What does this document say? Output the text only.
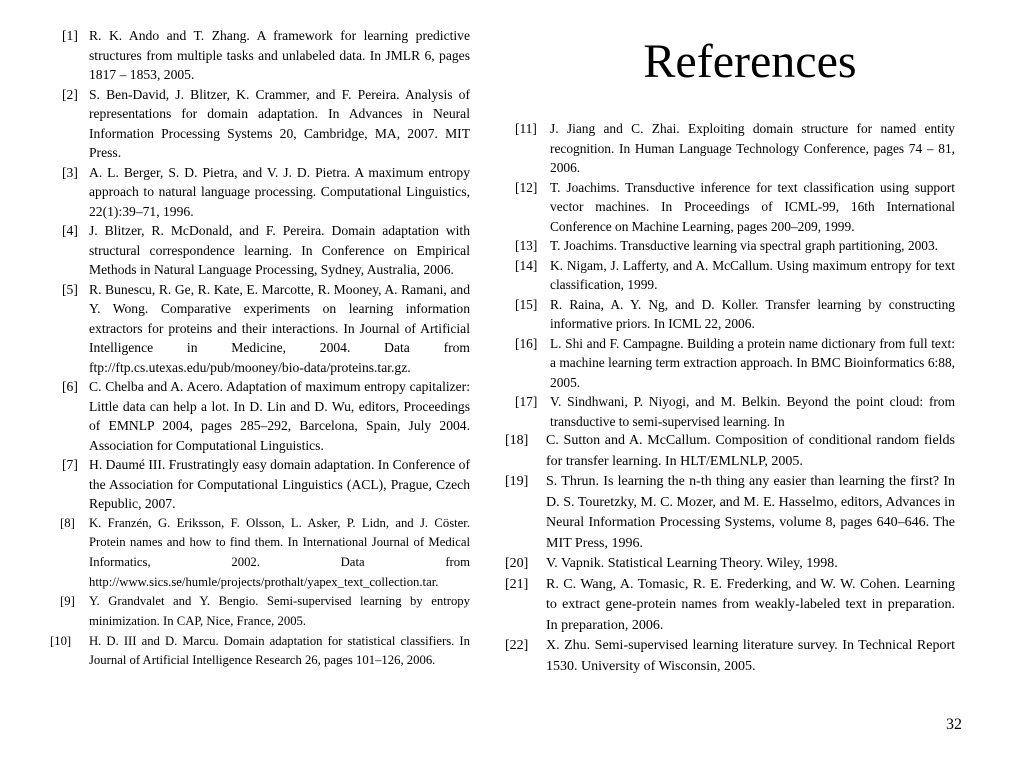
References
[1] R. K. Ando and T. Zhang. A framework for learning predictive structures from multiple tasks and unlabeled data. In JMLR 6, pages 1817 – 1853, 2005.
[2] S. Ben-David, J. Blitzer, K. Crammer, and F. Pereira. Analysis of representations for domain adaptation. In Advances in Neural Information Processing Systems 20, Cambridge, MA, 2007. MIT Press.
[3] A. L. Berger, S. D. Pietra, and V. J. D. Pietra. A maximum entropy approach to natural language processing. Computational Linguistics, 22(1):39–71, 1996.
[4] J. Blitzer, R. McDonald, and F. Pereira. Domain adaptation with structural correspondence learning. In Conference on Empirical Methods in Natural Language Processing, Sydney, Australia, 2006.
[5] R. Bunescu, R. Ge, R. Kate, E. Marcotte, R. Mooney, A. Ramani, and Y. Wong. Comparative experiments on learning information extractors for proteins and their interactions. In Journal of Artificial Intelligence in Medicine, 2004. Data from ftp://ftp.cs.utexas.edu/pub/mooney/bio-data/proteins.tar.gz.
[6] C. Chelba and A. Acero. Adaptation of maximum entropy capitalizer: Little data can help a lot. In D. Lin and D. Wu, editors, Proceedings of EMNLP 2004, pages 285–292, Barcelona, Spain, July 2004. Association for Computational Linguistics.
[7] H. Daumé III. Frustratingly easy domain adaptation. In Conference of the Association for Computational Linguistics (ACL), Prague, Czech Republic, 2007.
[8] K. Franzén, G. Eriksson, F. Olsson, L. Asker, P. Lidn, and J. Cöster. Protein names and how to find them. In International Journal of Medical Informatics, 2002. Data from http://www.sics.se/humle/projects/prothalt/yapex_text_collection.tar.
[9] Y. Grandvalet and Y. Bengio. Semi-supervised learning by entropy minimization. In CAP, Nice, France, 2005.
[10] H. D. III and D. Marcu. Domain adaptation for statistical classifiers. In Journal of Artificial Intelligence Research 26, pages 101–126, 2006.
[11] J. Jiang and C. Zhai. Exploiting domain structure for named entity recognition. In Human Language Technology Conference, pages 74 – 81, 2006.
[12] T. Joachims. Transductive inference for text classification using support vector machines. In Proceedings of ICML-99, 16th International Conference on Machine Learning, pages 200–209, 1999.
[13] T. Joachims. Transductive learning via spectral graph partitioning, 2003.
[14] K. Nigam, J. Lafferty, and A. McCallum. Using maximum entropy for text classification, 1999.
[15] R. Raina, A. Y. Ng, and D. Koller. Transfer learning by constructing informative priors. In ICML 22, 2006.
[16] L. Shi and F. Campagne. Building a protein name dictionary from full text: a machine learning term extraction approach. In BMC Bioinformatics 6:88, 2005.
[17] V. Sindhwani, P. Niyogi, and M. Belkin. Beyond the point cloud: from transductive to semi-supervised learning. In
[18] C. Sutton and A. McCallum. Composition of conditional random fields for transfer learning. In HLT/EMLNLP, 2005.
[19] S. Thrun. Is learning the n-th thing any easier than learning the first? In D. S. Touretzky, M. C. Mozer, and M. E. Hasselmo, editors, Advances in Neural Information Processing Systems, volume 8, pages 640–646. The MIT Press, 1996.
[20] V. Vapnik. Statistical Learning Theory. Wiley, 1998.
[21] R. C. Wang, A. Tomasic, R. E. Frederking, and W. W. Cohen. Learning to extract gene-protein names from weakly-labeled text in preparation. In preparation, 2006.
[22] X. Zhu. Semi-supervised learning literature survey. In Technical Report 1530. University of Wisconsin, 2005.
32
